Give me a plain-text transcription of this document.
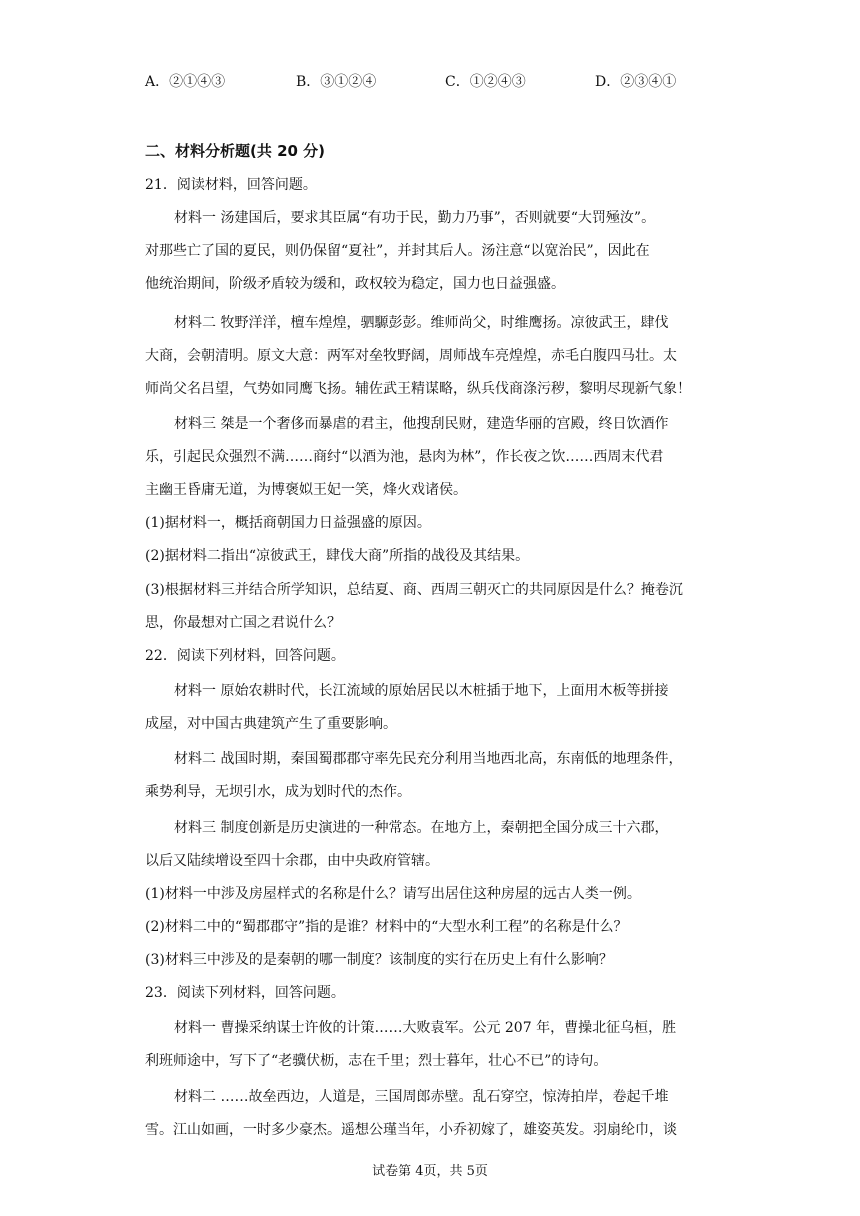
A．②①④③	B．③①②④	C．①②④③	D．②③④①
二、材料分析题(共 20 分)
21．阅读材料，回答问题。
材料一 汤建国后，要求其臣属“有功于民，勤力乃事”，否则就要“大罚殛汝”。
对那些亡了国的夏民，则仍保留“夏社”，并封其后人。汤注意“以宽治民”，因此在
他统治期间，阶级矛盾较为缓和，政权较为稳定，国力也日益强盛。
材料二 牧野洋洋，檀车煌煌，驷騵彭彭。维师尚父，时维鹰扬。凉彼武王，肆伐
大商，会朝清明。原文大意：两军对垒牧野阔，周师战车亮煌煌，赤毛白腹四马壮。太
师尚父名吕望，气势如同鹰飞扬。辅佐武王精谋略，纵兵伐商涤污秽，黎明尽现新气象！
材料三 桀是一个奢侈而暴虐的君主，他搜刮民财，建造华丽的宫殿，终日饮酒作
乐，引起民众强烈不满……商纣“以酒为池，悬肉为林”，作长夜之饮……西周末代君
主幽王昏庸无道，为博褒姒王妃一笑，烽火戏诸侯。
(1)据材料一，概括商朝国力日益强盛的原因。
(2)据材料二指出“凉彼武王，肆伐大商”所指的战役及其结果。
(3)根据材料三并结合所学知识，总结夏、商、西周三朝灭亡的共同原因是什么？掩卷沉
思，你最想对亡国之君说什么？
22．阅读下列材料，回答问题。
材料一 原始农耕时代，长江流域的原始居民以木桩插于地下，上面用木板等拼接
成屋，对中国古典建筑产生了重要影响。
材料二 战国时期，秦国蜀郡郡守率先民充分利用当地西北高，东南低的地理条件，
乘势利导，无坝引水，成为划时代的杰作。
材料三 制度创新是历史演进的一种常态。在地方上，秦朝把全国分成三十六郡，
以后又陆续增设至四十余郡，由中央政府管辖。
(1)材料一中涉及房屋样式的名称是什么？请写出居住这种房屋的远古人类一例。
(2)材料二中的“蜀郡郡守”指的是谁？材料中的“大型水利工程”的名称是什么？
(3)材料三中涉及的是秦朝的哪一制度？该制度的实行在历史上有什么影响？
23．阅读下列材料，回答问题。
材料一 曹操采纳谋士许攸的计策……大败袁军。公元 207 年，曹操北征乌桓，胜
利班师途中，写下了“老骥伏枥，志在千里；烈士暮年，壮心不已”的诗句。
材料二 ……故垒西边，人道是，三国周郎赤壁。乱石穿空，惊涛拍岸，卷起千堆
雪。江山如画，一时多少豪杰。遥想公瑾当年，小乔初嫁了，雄姿英发。羽扇纶巾，谈
试卷第 4页，共 5页
